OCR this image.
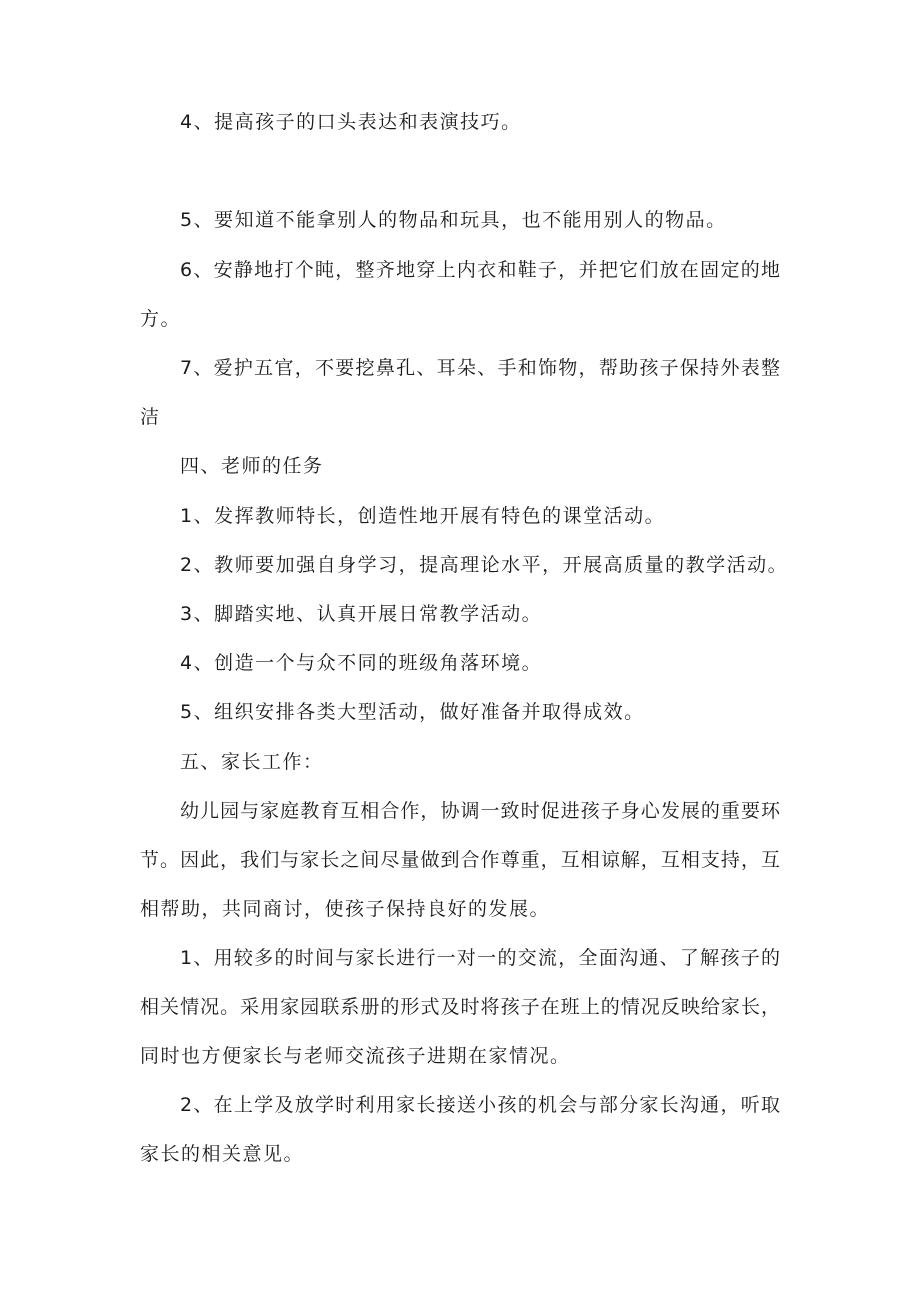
4、提高孩子的口头表达和表演技巧。
5、要知道不能拿别人的物品和玩具，也不能用别人的物品。
6、安静地打个盹，整齐地穿上内衣和鞋子，并把它们放在固定的地
方。
7、爱护五官，不要挖鼻孔、耳朵、手和饰物，帮助孩子保持外表整
洁
四、老师的任务
1、发挥教师特长，创造性地开展有特色的课堂活动。
2、教师要加强自身学习，提高理论水平，开展高质量的教学活动。
3、脚踏实地、认真开展日常教学活动。
4、创造一个与众不同的班级角落环境。
5、组织安排各类大型活动，做好准备并取得成效。
五、家长工作：
幼儿园与家庭教育互相合作，协调一致时促进孩子身心发展的重要环
节。因此，我们与家长之间尽量做到合作尊重，互相谅解，互相支持，互
相帮助，共同商讨，使孩子保持良好的发展。
1、用较多的时间与家长进行一对一的交流，全面沟通、了解孩子的
相关情况。采用家园联系册的形式及时将孩子在班上的情况反映给家长，
同时也方便家长与老师交流孩子进期在家情况。
2、在上学及放学时利用家长接送小孩的机会与部分家长沟通，听取
家长的相关意见。
